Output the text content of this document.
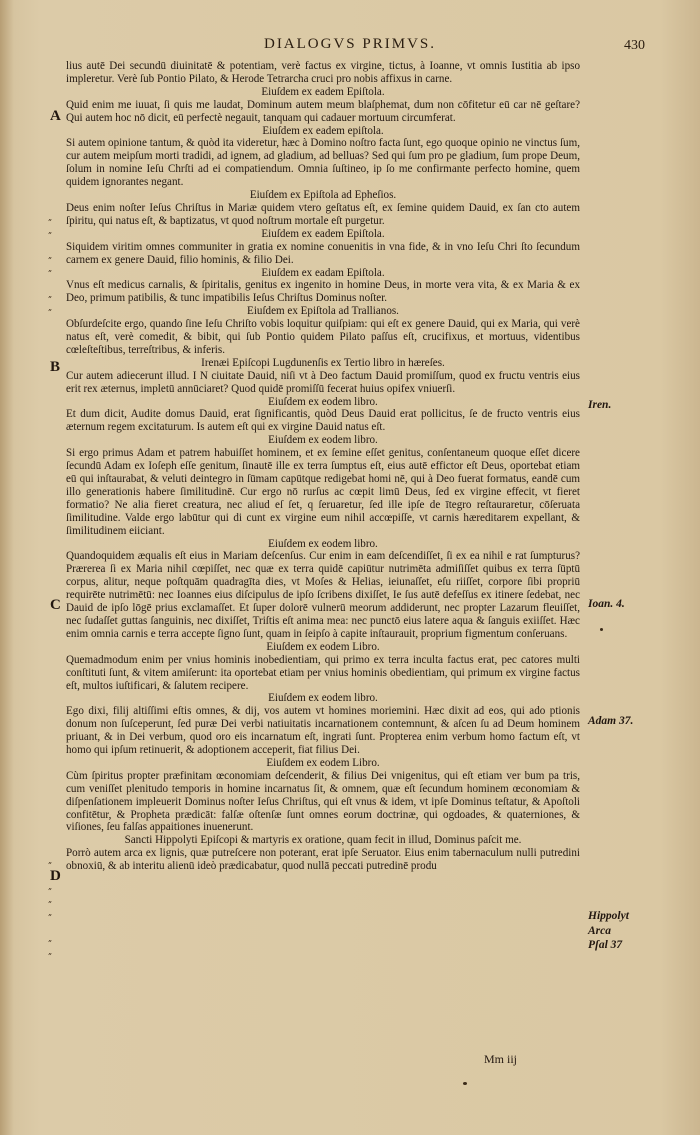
DIALOGVS PRIMVS.	430

lius autē Dei secundū diuinitatē & potentiam, verè factus ex virgine, tictus, à Ioanne, vt omnis Iustitia ab ipso impleretur. Verè ſub Pontio Pilato, & Herode Tetrarcha cruci pro nobis affixus in carne.

Eiuſdem ex eadem Epiſtola.

Quid enim me iuuat, ſi quis me laudat, Dominum autem meum blaſphemat, dum non cōfitetur eū car nē geſtare? Qui autem hoc nō dicit, eū perfectè negauit, tanquam qui cadauer mortuum circumferat.

Eiuſdem ex eadem epiſtola.

Si autem opinione tantum, & quòd ita videretur, hæc à Domino noſtro facta ſunt, ego quoque opinio ne vinctus ſum, cur autem meipſum morti tradidi, ad ignem, ad gladium, ad belluas? Sed qui ſum pro pe gladium, ſum prope Deum, ſolum in nomine Ieſu Chrſti ad ei compatiendum. Omnia ſuſtineo, ip ſo me confirmante perfecto homine, quem quidem ignorantes negant.

Eiuſdem ex Epiſtola ad Epheſios.

Deus enim noſter Ieſus Chriſtus in Mariæ quidem vtero geſtatus eſt, ex ſemine quidem Dauid, ex ſan cto autem ſpiritu, qui natus eſt, & baptizatus, vt quod noſtrum mortale eſt purgetur.

Eiuſdem ex eadem Epiſtola.

Siquidem viritim omnes communiter in gratia ex nomine conuenitis in vna fide, & in vno Ieſu Chri ſto ſecundum carnem ex genere Dauid, filio hominis, & filio Dei.

Eiuſdem ex eadam Epiſtola.

Vnus eſt medicus carnalis, & ſpiritalis, genitus ex ingenito in homine Deus, in morte vera vita, & ex Maria & ex Deo, primum patibilis, & tunc impatibilis Ieſus Chriſtus Dominus noſter.

Eiuſdem ex Epiſtola ad Trallianos.

Obſurdeſcite ergo, quando ſine Ieſu Chriſto vobis loquitur quiſpiam: qui eſt ex genere Dauid, qui ex Maria, qui verè natus eſt, verè comedit, & bibit, qui ſub Pontio quidem Pilato paſſus eſt, crucifixus, et mortuus, videntibus cœleſteſtibus, terreſtribus, & inferis.

Irenæi Epiſcopi Lugdunenſis ex Tertio libro in hæreſes.

Cur autem adiecerunt illud. I N ciuitate Dauid, niſi vt à Deo factum Dauid promiſſum, quod ex fructu ventris eius erit rex æternus, impletū annūciaret? Quod quidē promiſſū fecerat huius opifex vniuerſi.

Eiuſdem ex eodem libro.

Et dum dicit, Audite domus Dauid, erat ſignificantis, quòd Deus Dauid erat pollicitus, ſe de fructo ventris eius æternum regem excitaturum. Is autem eſt qui ex virgine Dauid natus eſt.

Eiuſdem ex eodem libro.

Si ergo primus Adam et patrem habuiſſet hominem, et ex ſemine eſſet genitus, conſentaneum quoque eſſet dicere ſecundū Adam ex Ioſeph eſſe genitum, ſinautē ille ex terra ſumptus eſt, eius autē effictor eſt Deus, oportebat etiam eū qui inſtaurabat, & veluti deintegro in ſūmam capūtque redigebat homi nē, qui à Deo fuerat formatus, eandē cum illo generationis habere ſimilitudinē. Cur ergo nō rurſus ac cœpit limū Deus, ſed ex virgine effecit, vt fieret formatio? Ne alia fieret creatura, nec aliud eſ ſet, q ſeruaretur, ſed ille ipſe de ītegro reſtauraretur, cōſeruata ſimilitudine. Valde ergo labūtur qui di cunt ex virgine eum nihil accœpiſſe, vt carnis hæreditarem expellant, & ſimilitudinem eiiciant.

Eiuſdem ex eodem libro.

Quandoquidem æqualis eſt eius in Mariam deſcenſus. Cur enim in eam deſcendiſſet, ſi ex ea nihil e rat ſumpturus? Prærerea ſi ex Maria nihil cœpiſſet, nec quæ ex terra quidē capiūtur nutrimēta admiſiſſet quibus ex terra ſūptū corpus, alitur, neque poſtquām quadragīta dies, vt Moſes & Helias, ieiunaſſet, eſu riiſſet, corpore ſibi propriū requirēte nutrimētū: nec Ioannes eius diſcipulus de ipſo ſcribens dixiſſet, Ie ſus autē defeſſus ex itinere ſedebat, nec Dauid de ipſo lōgē prius exclamaſſet. Et ſuper dolorē vulnerū meorum addiderunt, nec propter Lazarum fleuiſſet, nec ſudaſſet guttas ſanguinis, nec dixiſſet, Triſtis eſt anima mea: nec punctō eius latere aqua & ſanguis exiiſſet. Hæc enim omnia carnis e terra accepte ſigno ſunt, quam in ſeipſo à capite inſtaurauit, proprium figmentum conſeruans.

Eiuſdem ex eodem Libro.

Quemadmodum enim per vnius hominis inobedientiam, qui primo ex terra inculta factus erat, pec catores multi conſtituti ſunt, & vitem amiſerunt: ita oportebat etiam per vnius hominis obedientiam, qui primum ex virgine factus eſt, multos iuſtificari, & ſalutem recipere.

Eiuſdem ex eodem libro.

Ego dixi, filij altiſſimi eſtis omnes, & dij, vos autem vt homines moriemini. Hæc dixit ad eos, qui ado ptionis donum non ſuſceperunt, ſed puræ Dei verbi natiuitatis incarnationem contemnunt, & aſcen ſu ad Deum hominem priuant, & in Dei verbum, quod oro eis incarnatum eſt, ingrati ſunt. Propterea enim verbum homo factum eſt, vt homo qui ipſum retinuerit, & adoptionem acceperit, fiat filius Dei.

Eiuſdem ex eodem Libro.

Cùm ſpiritus propter præfinitam œconomiam deſcenderit, & filius Dei vnigenitus, qui eſt etiam ver bum pa tris, cum veniſſet plenitudo temporis in homine incarnatus ſit, & omnem, quæ eſt ſecundum hominem œconomiam & diſpenſationem impleuerit Dominus noſter Ieſus Chriſtus, qui eſt vnus & idem, vt ipſe Dominus teſtatur, & Apoſtoli confitētur, & Propheta prædicāt: falſæ oſtenſæ ſunt omnes eorum doctrinæ, qui ogdoades, & quaterniones, & viſiones, ſeu falſas appaitiones inuenerunt.

Sancti Hippolyti Epiſcopi & martyris ex oratione, quam fecit in illud, Dominus paſcit me.

Porrò autem arca ex lignis, quæ putreſcere non poterant, erat ipſe Seruator. Eius enim tabernaculum nulli putredini obnoxiū, & ab interitu alienū ideò prædicabatur, quod nullā peccati putredinē produ

A
B
C
D
„
„
„
„
„
„
„
„
„
„
„
„
Iren.
Ioan. 4.
Adam 37.
Hippolyt
Arca
Pſal 37
Mm iij
